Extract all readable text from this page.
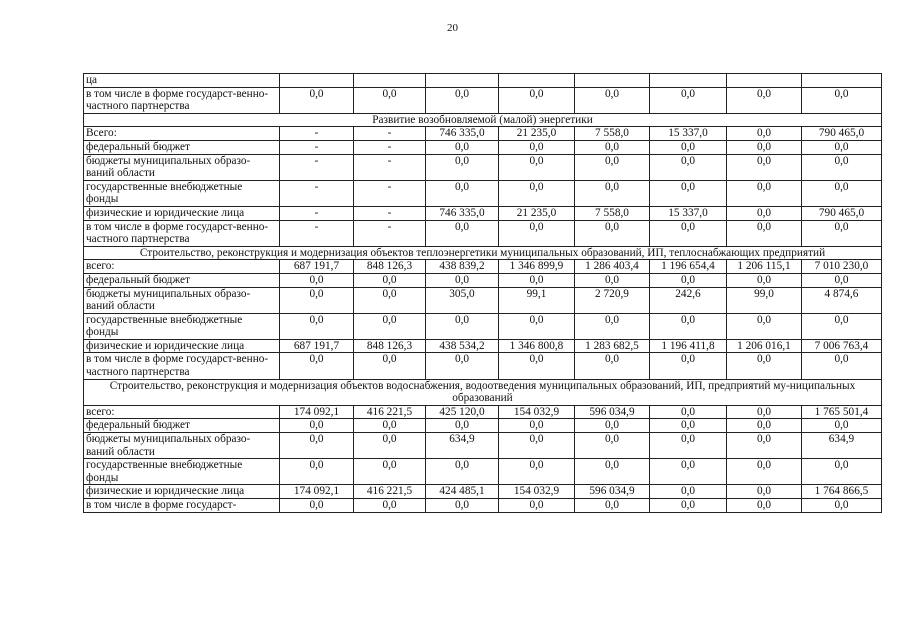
20
ца								
в том числе в форме государст-венно-частного партнерства	0,0	0,0	0,0	0,0	0,0	0,0	0,0	0,0
Развитие возобновляемой (малой) энергетики								
Всего:	-	-	746 335,0	21 235,0	7 558,0	15 337,0	0,0	790 465,0
федеральный бюджет	-	-	0,0	0,0	0,0	0,0	0,0	0,0
бюджеты муниципальных образо-ваний области	-	-	0,0	0,0	0,0	0,0	0,0	0,0
государственные внебюджетные фонды	-	-	0,0	0,0	0,0	0,0	0,0	0,0
физические и юридические лица	-	-	746 335,0	21 235,0	7 558,0	15 337,0	0,0	790 465,0
в том числе в форме государст-венно-частного партнерства	-	-	0,0	0,0	0,0	0,0	0,0	0,0
Строительство, реконструкция и модернизация объектов теплоэнергетики муниципальных образований, ИП, теплоснабжающих предприятий								
всего:	687 191,7	848 126,3	438 839,2	1 346 899,9	1 286 403,4	1 196 654,4	1 206 115,1	7 010 230,0
федеральный бюджет	0,0	0,0	0,0	0,0	0,0	0,0	0,0	0,0
бюджеты муниципальных образо-ваний области	0,0	0,0	305,0	99,1	2 720,9	242,6	99,0	4 874,6
государственные внебюджетные фонды	0,0	0,0	0,0	0,0	0,0	0,0	0,0	0,0
физические и юридические лица	687 191,7	848 126,3	438 534,2	1 346 800,8	1 283 682,5	1 196 411,8	1 206 016,1	7 006 763,4
в том числе в форме государст-венно-частного партнерства	0,0	0,0	0,0	0,0	0,0	0,0	0,0	0,0
Строительство, реконструкция и модернизация объектов водоснабжения, водоотведения муниципальных образований, ИП, предприятий му-ниципальных образований								
всего:	174 092,1	416 221,5	425 120,0	154 032,9	596 034,9	0,0	0,0	1 765 501,4
федеральный бюджет	0,0	0,0	0,0	0,0	0,0	0,0	0,0	0,0
бюджеты муниципальных образо-ваний области	0,0	0,0	634,9	0,0	0,0	0,0	0,0	634,9
государственные внебюджетные фонды	0,0	0,0	0,0	0,0	0,0	0,0	0,0	0,0
физические и юридические лица	174 092,1	416 221,5	424 485,1	154 032,9	596 034,9	0,0	0,0	1 764 866,5
в том числе в форме государст-	0,0	0,0	0,0	0,0	0,0	0,0	0,0	0,0
